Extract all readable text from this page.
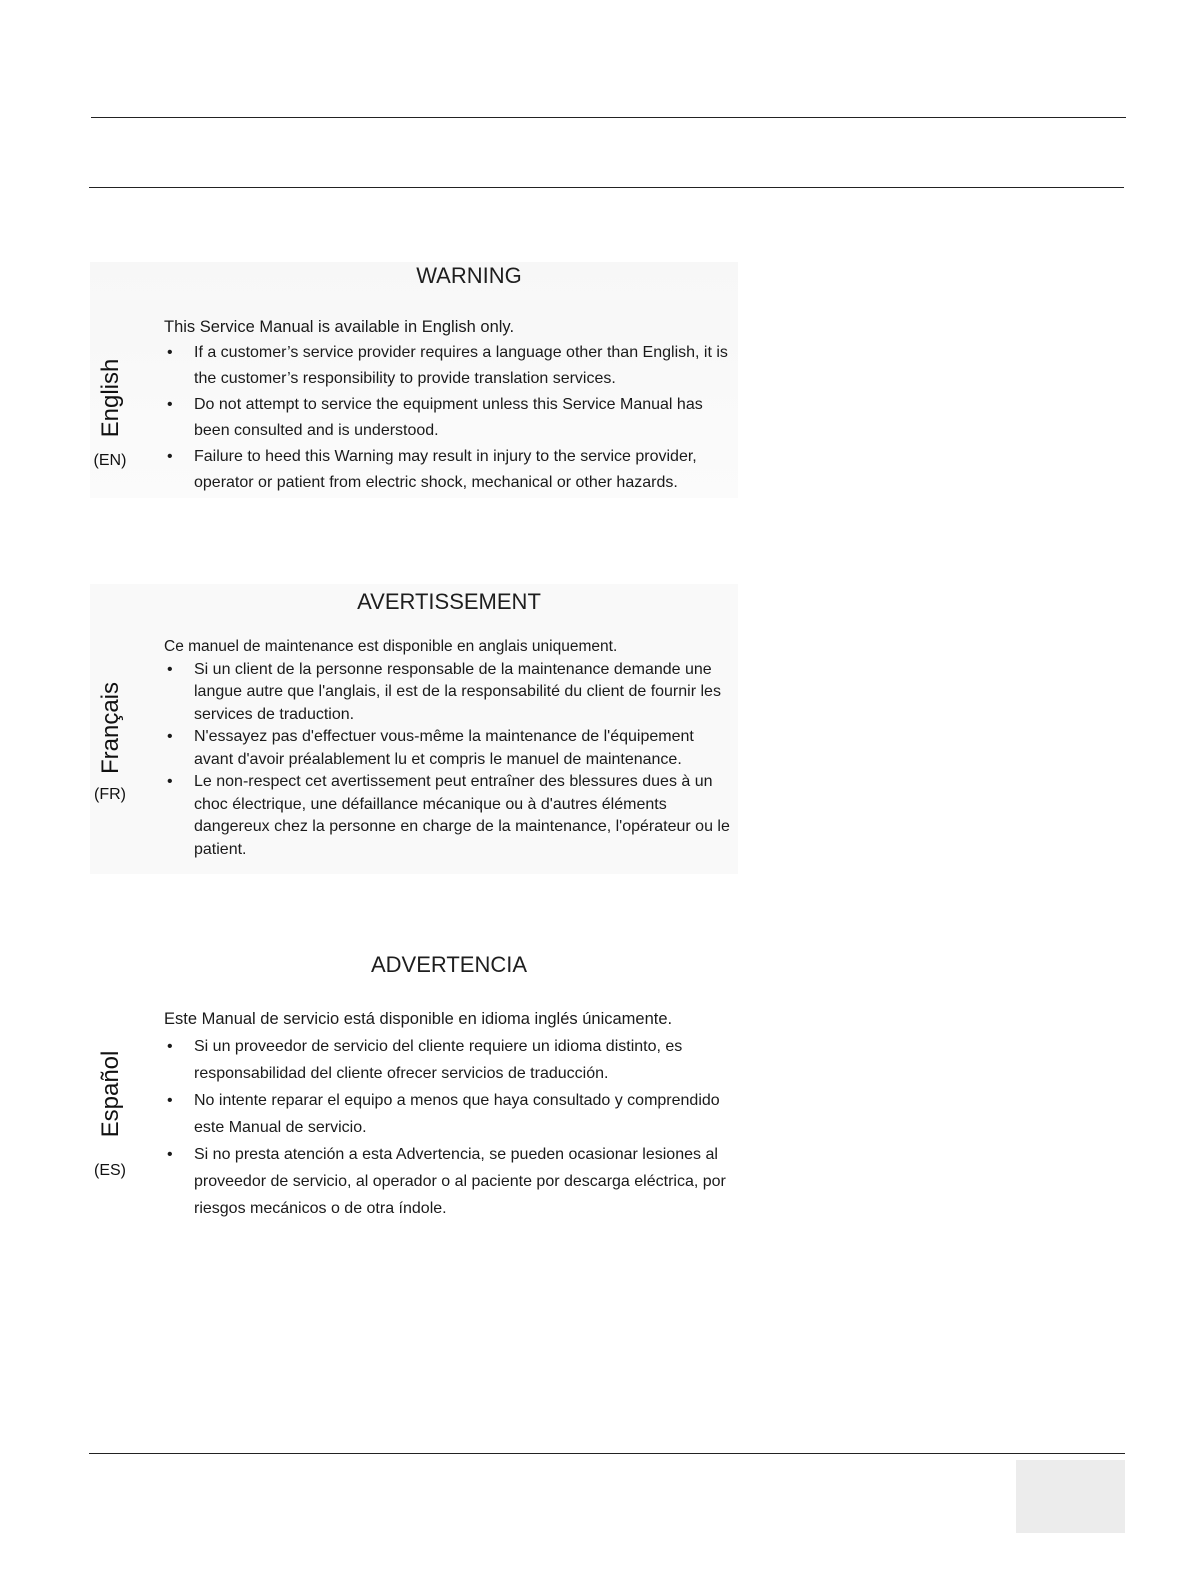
English
(EN)
WARNING

This Service Manual is available in English only.

• If a customer’s service provider requires a language other than English, it is the customer’s responsibility to provide translation services.
• Do not attempt to service the equipment unless this Service Manual has been consulted and is understood.
• Failure to heed this Warning may result in injury to the service provider, operator or patient from electric shock, mechanical or other hazards.
Français
(FR)
AVERTISSEMENT

Ce manuel de maintenance est disponible en anglais uniquement.

• Si un client de la personne responsable de la maintenance demande une langue autre que l'anglais, il est de la responsabilité du client de fournir les services de traduction.
• N'essayez pas d'effectuer vous-même la maintenance de l'équipement avant d'avoir préalablement lu et compris le manuel de maintenance.
• Le non-respect cet avertissement peut entraîner des blessures dues à un choc électrique, une défaillance mécanique ou à d'autres éléments dangereux chez la personne en charge de la maintenance, l'opérateur ou le patient.
Español
(ES)
ADVERTENCIA

Este Manual de servicio está disponible en idioma inglés únicamente.

• Si un proveedor de servicio del cliente requiere un idioma distinto, es responsabilidad del cliente ofrecer servicios de traducción.
• No intente reparar el equipo a menos que haya consultado y comprendido este Manual de servicio.
• Si no presta atención a esta Advertencia, se pueden ocasionar lesiones al proveedor de servicio, al operador o al paciente por descarga eléctrica, por riesgos mecánicos o de otra índole.
